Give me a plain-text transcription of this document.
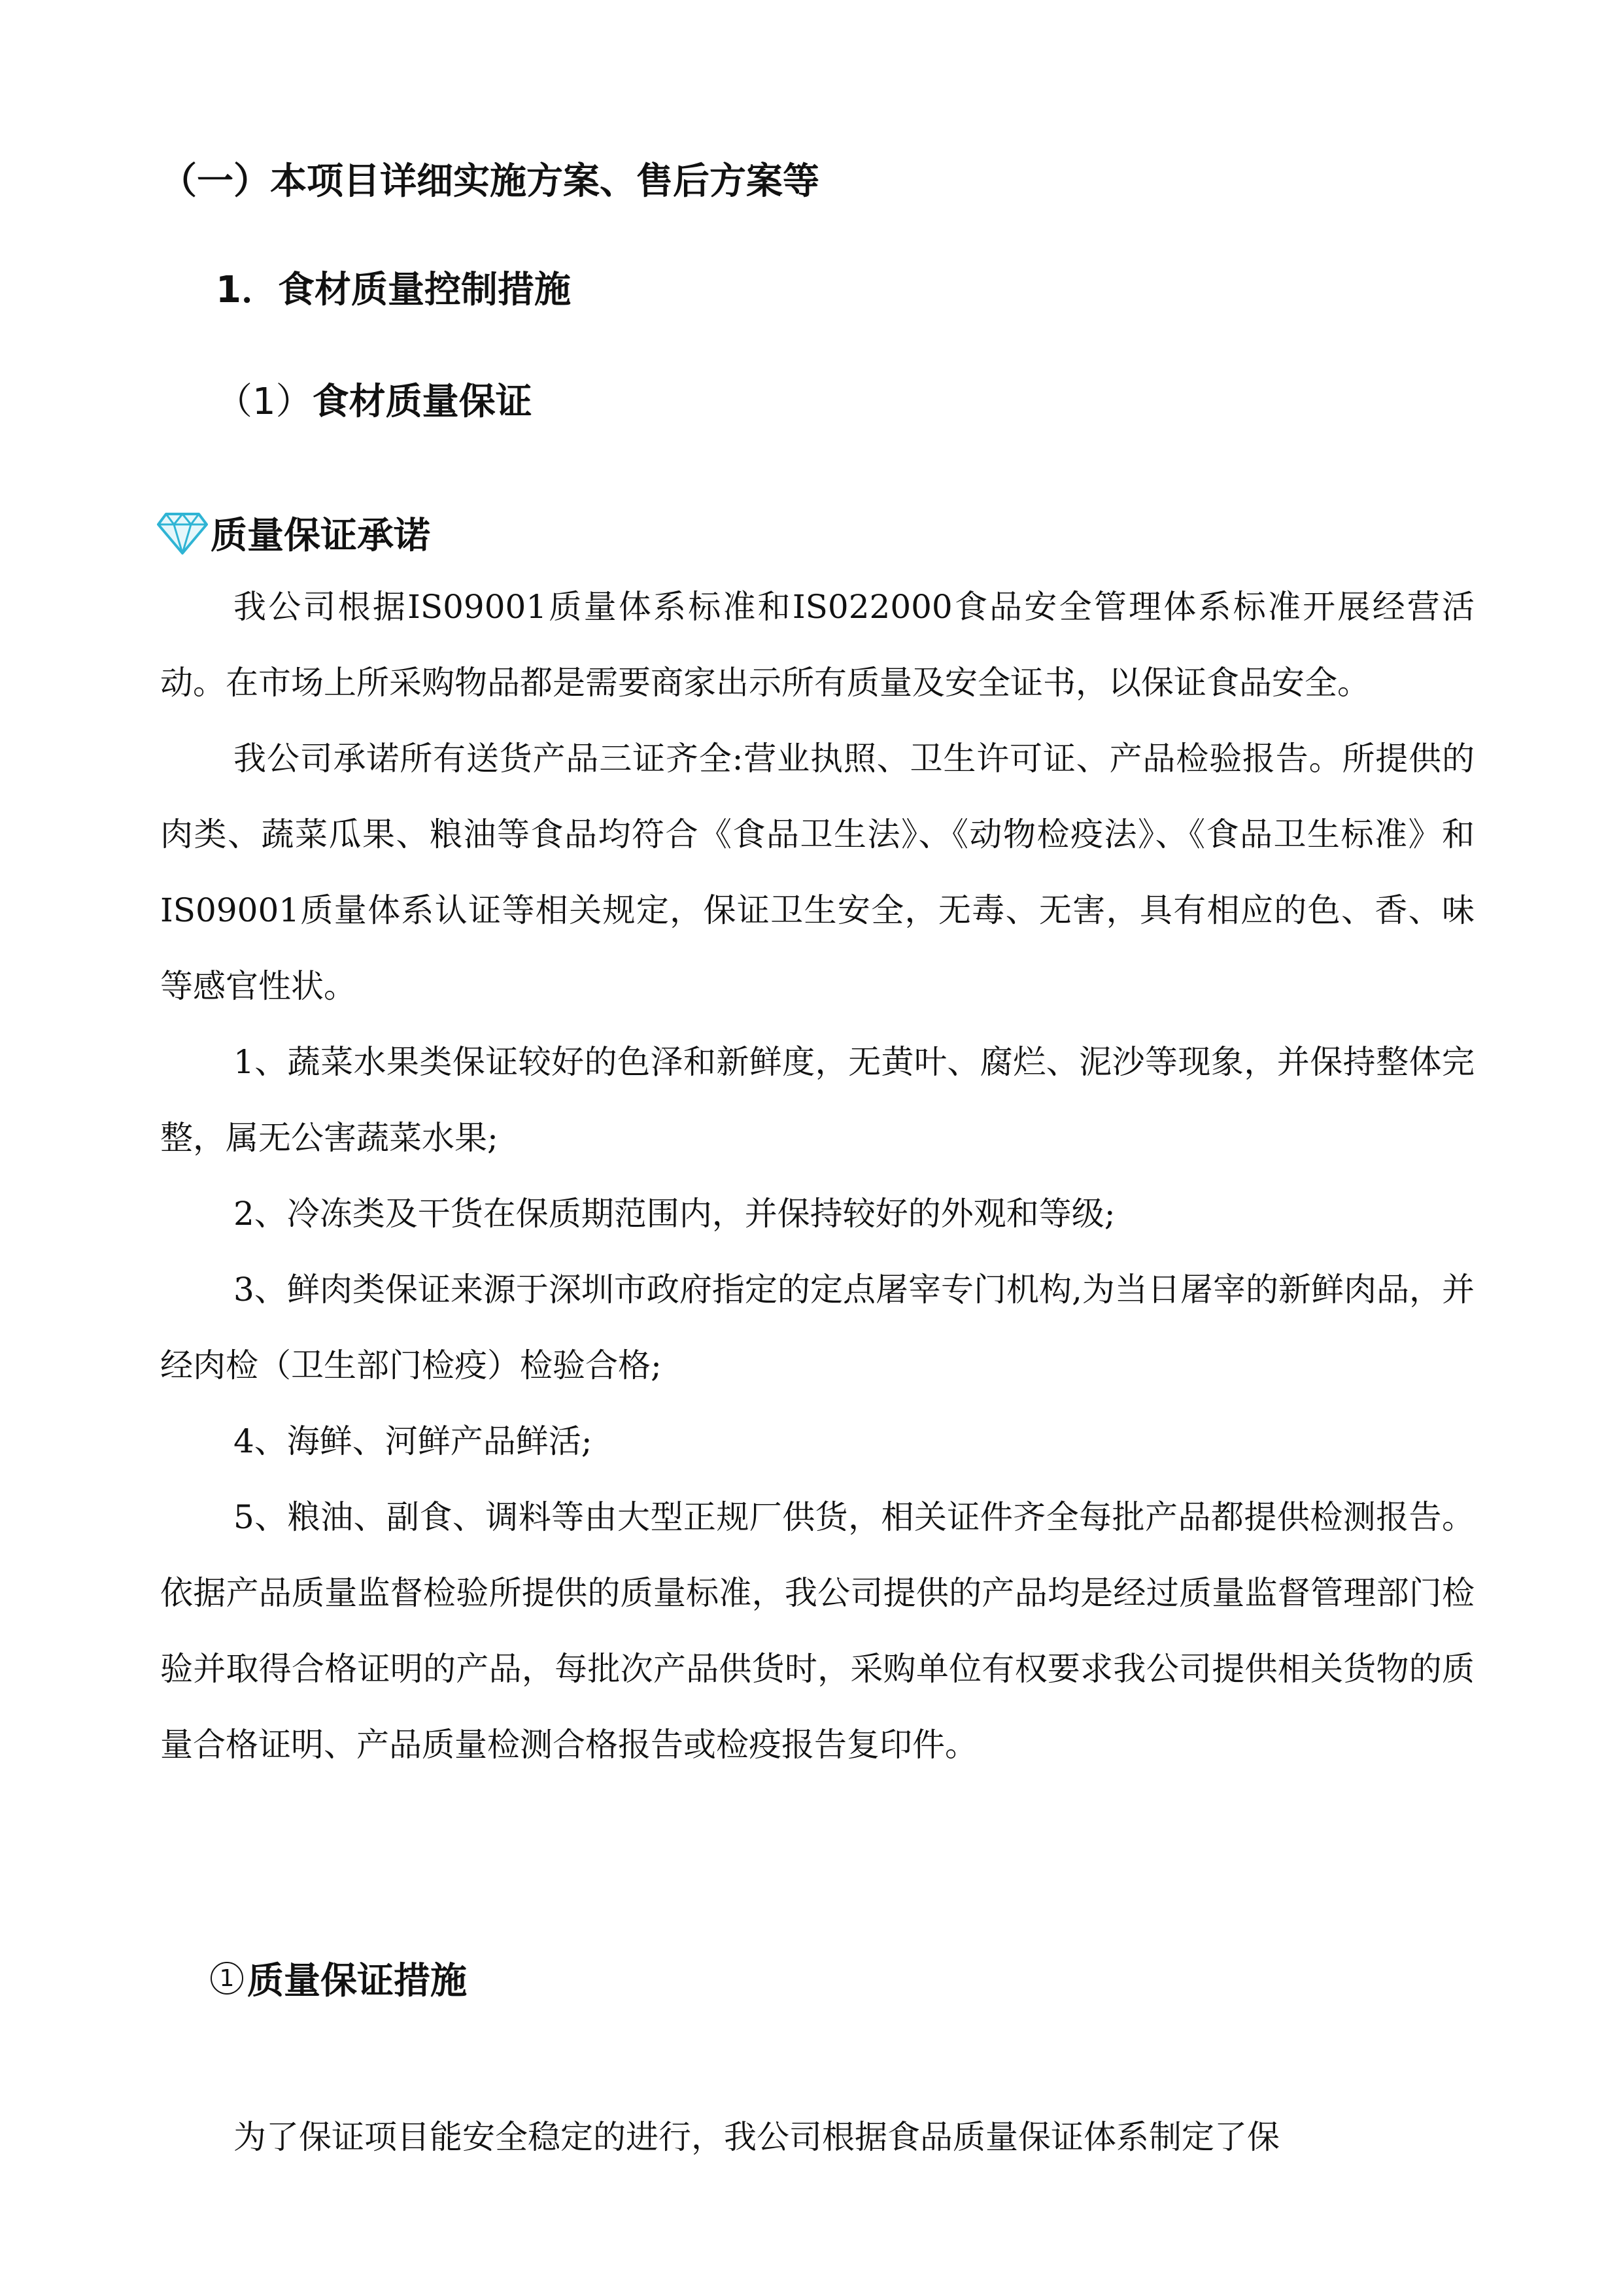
（一）本项目详细实施方案、售后方案等
1．食材质量控制措施
（1）食材质量保证
质量保证承诺

我公司根据IS09001质量体系标准和IS022000食品安全管理体系标准开展经营活动。在市场上所采购物品都是需要商家出示所有质量及安全证书，以保证食品安全。

我公司承诺所有送货产品三证齐全:营业执照、卫生许可证、产品检验报告。所提供的肉类、蔬菜瓜果、粮油等食品均符合《食品卫生法》、《动物检疫法》、《食品卫生标准》和IS09001质量体系认证等相关规定，保证卫生安全，无毒、无害，具有相应的色、香、味等感官性状。

1、蔬菜水果类保证较好的色泽和新鲜度，无黄叶、腐烂、泥沙等现象，并保持整体完整，属无公害蔬菜水果;

2、冷冻类及干货在保质期范围内，并保持较好的外观和等级;

3、鲜肉类保证来源于深圳市政府指定的定点屠宰专门机构,为当日屠宰的新鲜肉品，并经肉检（卫生部门检疫）检验合格;

4、海鲜、河鲜产品鲜活;

5、粮油、副食、调料等由大型正规厂供货，相关证件齐全每批产品都提供检测报告。依据产品质量监督检验所提供的质量标准，我公司提供的产品均是经过质量监督管理部门检验并取得合格证明的产品，每批次产品供货时，采购单位有权要求我公司提供相关货物的质量合格证明、产品质量检测合格报告或检疫报告复印件。

1 质量保证措施

为了保证项目能安全稳定的进行，我公司根据食品质量保证体系制定了保
